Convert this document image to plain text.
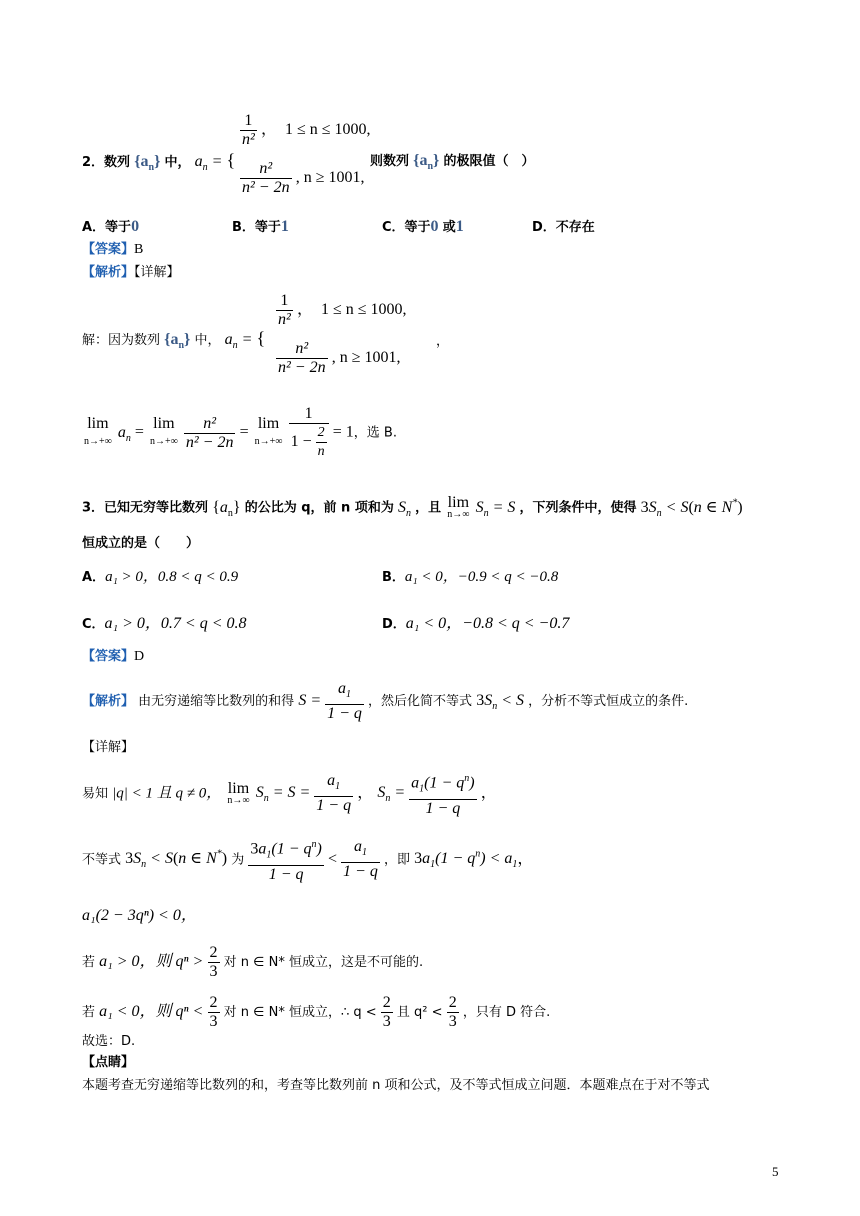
$\frac{1}{\text{n²}}$ ，　1 ≤ n ≤ 1000,
2．数列 $\{a_n\}$ 中， $a_n$ = {	则数列 $\{a_n\}$ 的极限值（　）
$\frac{\text{n²}}{\text{n² − 2n}}$ , n ≥ 1001,
A．等于0	B．等于1	C．等于0 或1	D．不存在
【答案】B
【解析】【详解】
$\frac{1}{\text{n²}}$ ，　1 ≤ n ≤ 1000,
解：因为数列 $\{a_n\}$ 中， $a_n$ = {	，
$\frac{\text{n²}}{\text{n² − 2n}}$ , n ≥ 1001,
lim
n→+∞
$a_n = \lim$
n→+∞
$\frac{\text{n²}}{\text{n² − 2n}} = \lim$
n→+∞
$\frac{1}{1 - \frac{2}{n}} = 1$，选 B.
3．已知无穷等比数列 $\{a_n\}$ 的公比为 q，前 n 项和为 $S_n$ ，且 lim
n→∞ $S_n = S$ ，下列条件中，使得 $3S_n < S(n$ ∈ N*)
恒成立的是（　　）
A．a₁ > 0，0.8 < q < 0.9	B．a₁ < 0，−0.9 < q < −0.8
C．a₁ > 0，0.7 < q < 0.8	D．a₁ < 0，−0.8 < q < −0.7
【答案】D
【解析】 由无穷递缩等比数列的和得 $S = \frac{a_1}{1 - q}$ ，然后化简不等式 $3S_n < S$ ，分析不等式恒成立的条件.
【详解】
易知 |q| < 1 且 q ≠ 0， lim
n→∞ $S_n = S = \frac{a_1}{1 - q}$ ， $S_n = \frac{a_1(1 - q^n)}{1 - q}$ ，
不等式 $3S_n < S(n$ ∈ N*) 为 $\frac{3a_1(1 - q^n)}{1 - q} < \frac{a_1}{1 - q}$ ，即 $3a_1(1 - q^n) < a_1$，
a₁(2 − 3qⁿ) < 0，
若 a₁ > 0，则 $q^n > \frac{2}{3}$ 对 n ∈ N* 恒成立，这是不可能的.
若 a₁ < 0，则 $q^n < \frac{2}{3}$ 对 n ∈ N* 恒成立，∴ $q < \frac{2}{3}$ 且 $q^2 < \frac{2}{3}$ ，只有 D 符合.
故选：D.
【点睛】
本题考查无穷递缩等比数列的和，考查等比数列前 n 项和公式，及不等式恒成立问题．本题难点在于对不等式
5
